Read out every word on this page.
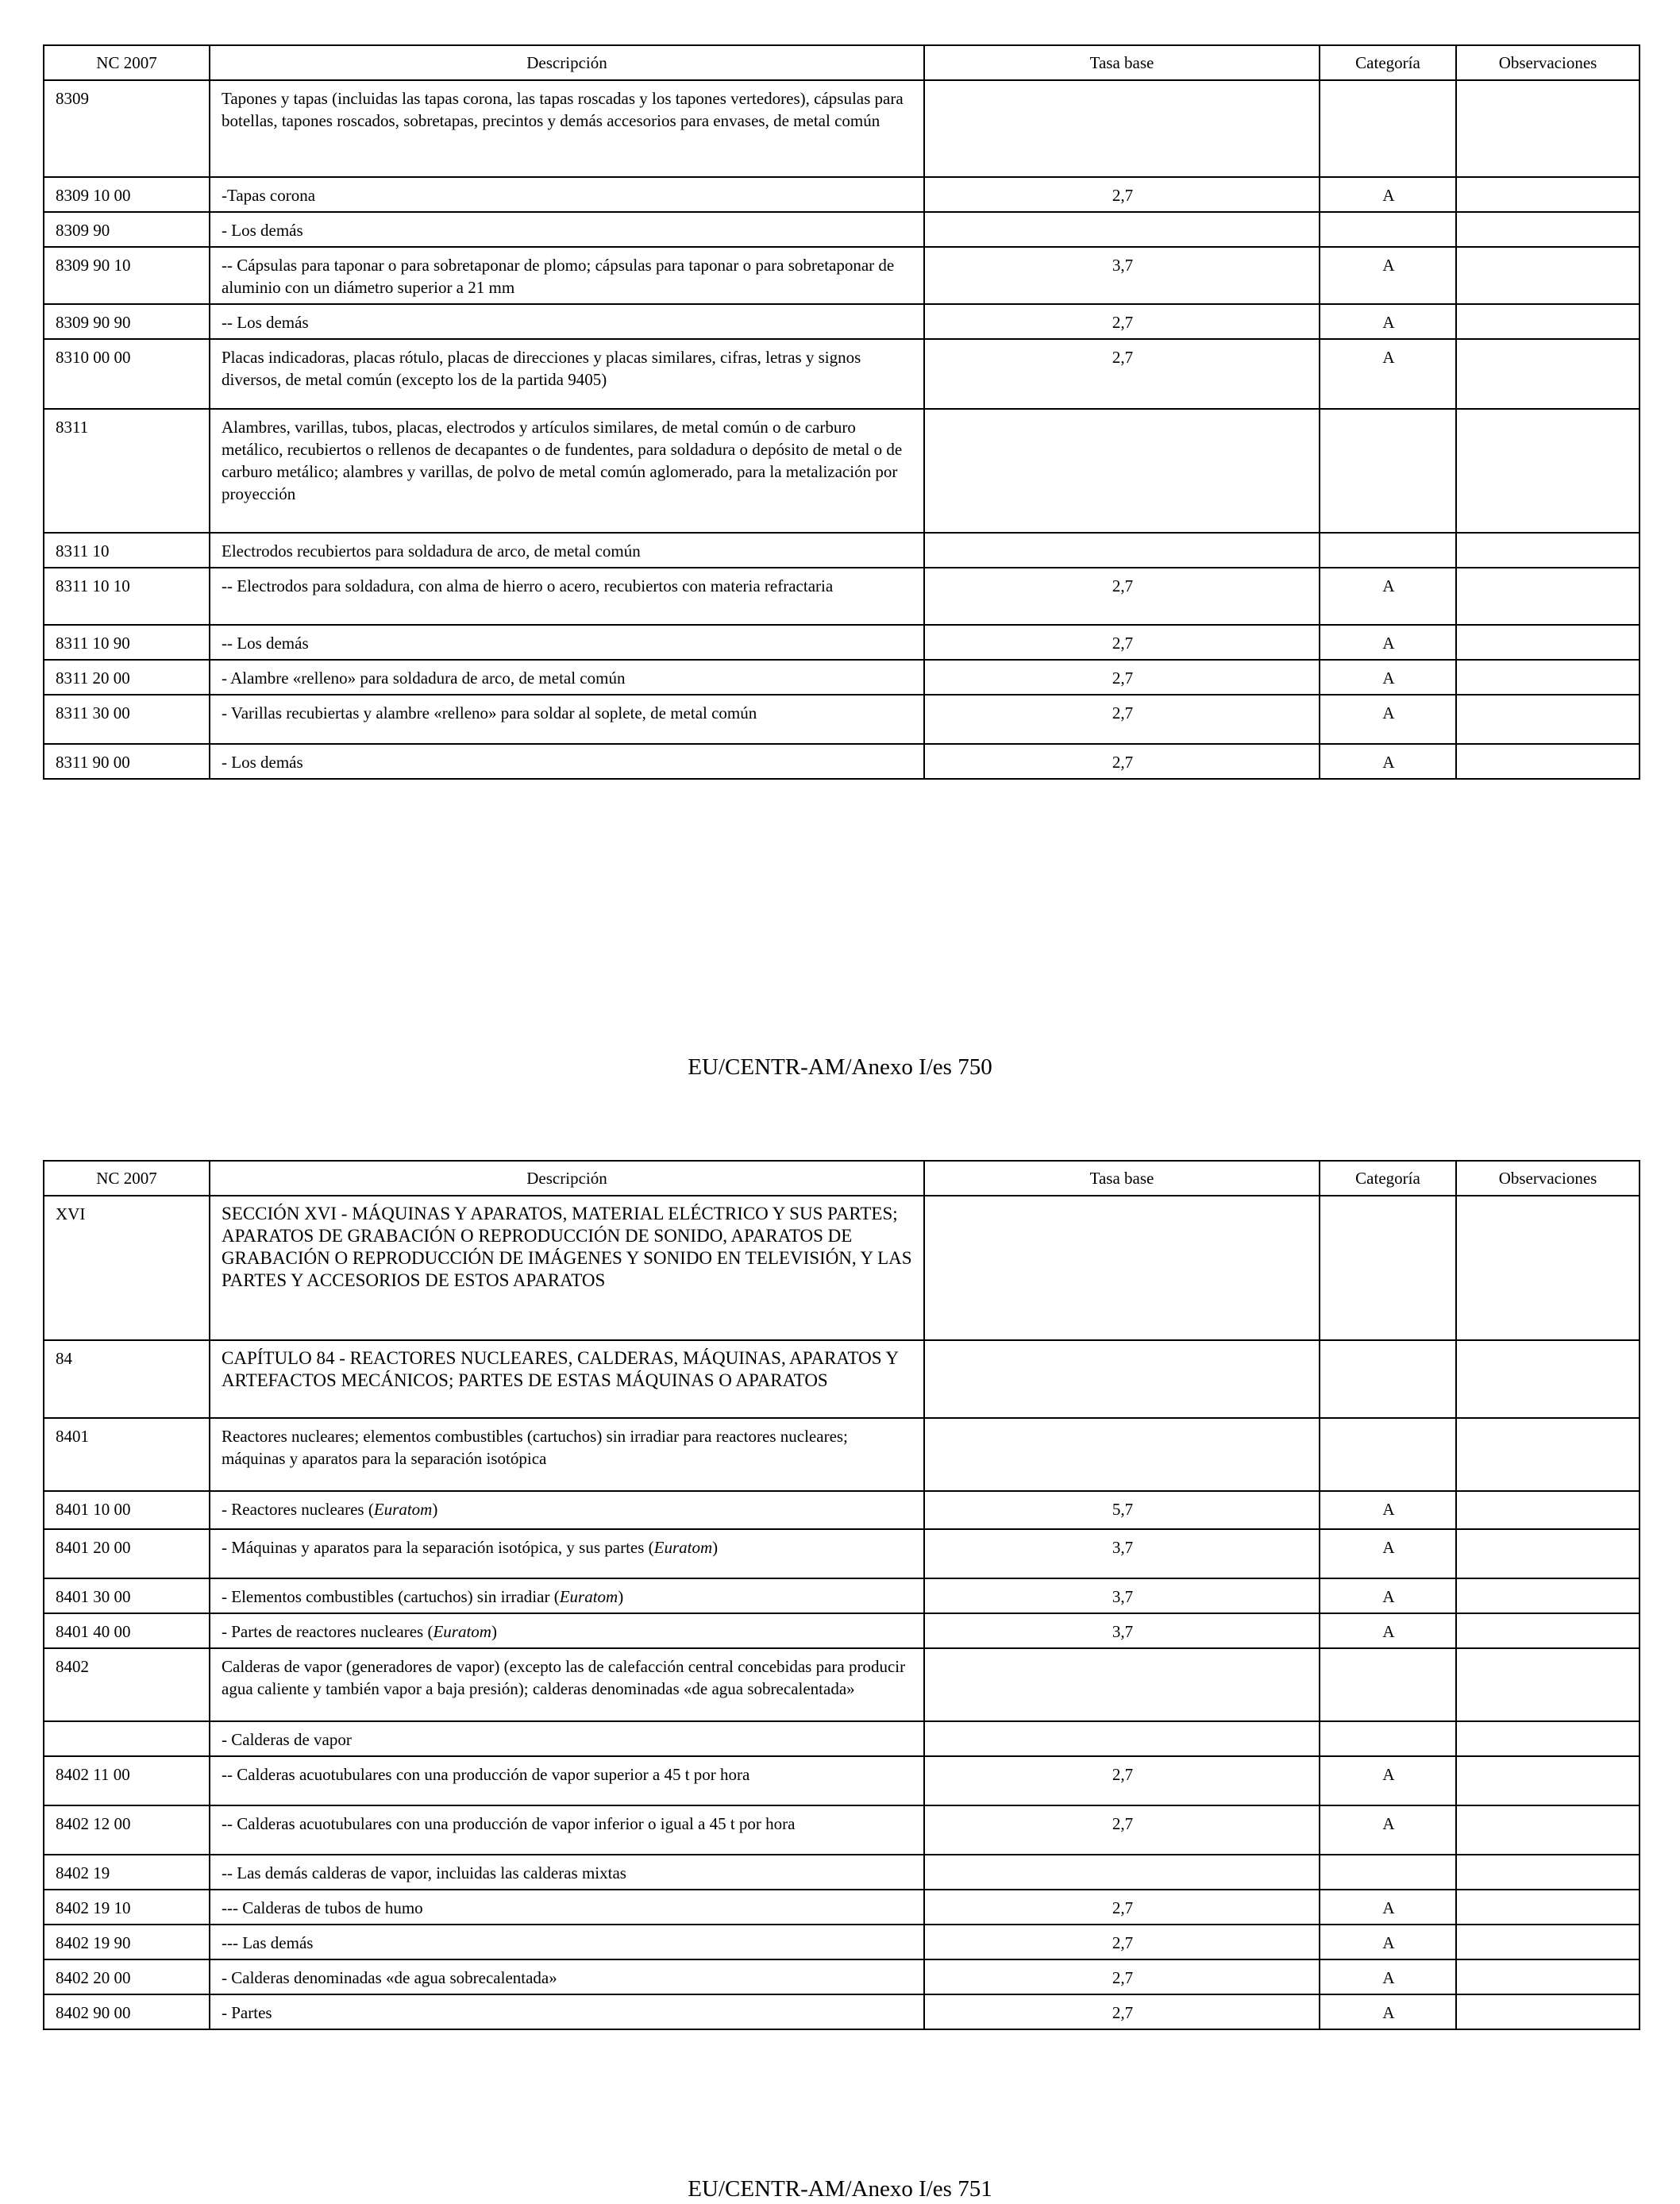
NC 2007	Descripción	Tasa base	Categoría	Observaciones
8309	Tapones y tapas (incluidas las tapas corona, las tapas roscadas y los tapones vertedores), cápsulas para botellas, tapones roscados, sobretapas, precintos y demás accesorios para envases, de metal común			
8309 10 00	-Tapas corona	2,7	A	
8309 90	- Los demás			
8309 90 10	-- Cápsulas para taponar o para sobretaponar de plomo; cápsulas para taponar o para sobretaponar de aluminio con un diámetro superior a 21 mm	3,7	A	
8309 90 90	-- Los demás	2,7	A	
8310 00 00	Placas indicadoras, placas rótulo, placas de direcciones y placas similares, cifras, letras y signos diversos, de metal común (excepto los de la partida 9405)	2,7	A	
8311	Alambres, varillas, tubos, placas, electrodos y artículos similares, de metal común o de carburo metálico, recubiertos o rellenos de decapantes o de fundentes, para soldadura o depósito de metal o de carburo metálico; alambres y varillas, de polvo de metal común aglomerado, para la metalización por proyección			
8311 10	Electrodos recubiertos para soldadura de arco, de metal común			
8311 10 10	-- Electrodos para soldadura, con alma de hierro o acero, recubiertos con materia refractaria	2,7	A	
8311 10 90	-- Los demás	2,7	A	
8311 20 00	- Alambre «relleno» para soldadura de arco, de metal común	2,7	A	
8311 30 00	- Varillas recubiertas y alambre «relleno» para soldar al soplete, de metal común	2,7	A	
8311 90 00	- Los demás	2,7	A	
EU/CENTR-AM/Anexo I/es 750
NC 2007	Descripción	Tasa base	Categoría	Observaciones
XVI	SECCIÓN XVI - MÁQUINAS Y APARATOS, MATERIAL ELÉCTRICO Y SUS PARTES; APARATOS DE GRABACIÓN O REPRODUCCIÓN DE SONIDO, APARATOS DE GRABACIÓN O REPRODUCCIÓN DE IMÁGENES Y SONIDO EN TELEVISIÓN, Y LAS PARTES Y ACCESORIOS DE ESTOS APARATOS			
84	CAPÍTULO 84 - REACTORES NUCLEARES, CALDERAS, MÁQUINAS, APARATOS Y ARTEFACTOS MECÁNICOS; PARTES DE ESTAS MÁQUINAS O APARATOS			
8401	Reactores nucleares; elementos combustibles (cartuchos) sin irradiar para reactores nucleares; máquinas y aparatos para la separación isotópica			
8401 10 00	- Reactores nucleares (Euratom)	5,7	A	
8401 20 00	- Máquinas y aparatos para la separación isotópica, y sus partes (Euratom)	3,7	A	
8401 30 00	- Elementos combustibles (cartuchos) sin irradiar (Euratom)	3,7	A	
8401 40 00	- Partes de reactores nucleares (Euratom)	3,7	A	
8402	Calderas de vapor (generadores de vapor) (excepto las de calefacción central concebidas para producir agua caliente y también vapor a baja presión); calderas denominadas «de agua sobrecalentada»			
	- Calderas de vapor			
8402 11 00	-- Calderas acuotubulares con una producción de vapor superior a 45 t por hora	2,7	A	
8402 12 00	-- Calderas acuotubulares con una producción de vapor inferior o igual a 45 t por hora	2,7	A	
8402 19	-- Las demás calderas de vapor, incluidas las calderas mixtas			
8402 19 10	--- Calderas de tubos de humo	2,7	A	
8402 19 90	--- Las demás	2,7	A	
8402 20 00	- Calderas denominadas «de agua sobrecalentada»	2,7	A	
8402 90 00	- Partes	2,7	A	
EU/CENTR-AM/Anexo I/es 751
